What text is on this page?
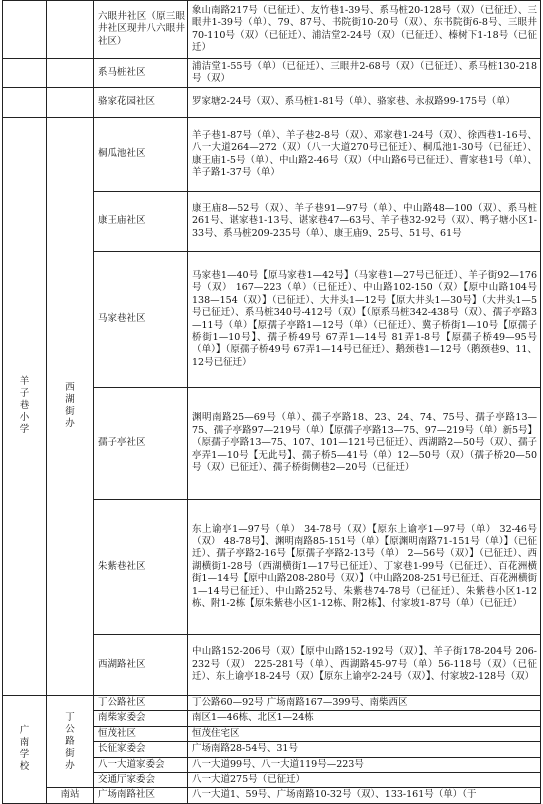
		六眼井社区（原三眼井社区现井八六眼井社区）	象山南路217号（已征迁）、友竹巷1-39号、系马桩20-128号（双）（已征迁）、三眼井1-39号（单）、79、87号、书院街10-20号（双）、东书院街6-8号、三眼井70-110号（双）（已征迁）、浦洁堂2-24号（双）（已征迁）、榛树下1-18号（已征迁）
		系马桩社区	浦洁堂1-55号（单）（已征迁）、三眼井2-68号（双）（已征迁）、系马桩130-218号（双）
		骆家花园社区	罗家塘2-24号（双）、系马桩1-81号（单）、骆家巷、永叔路99-175号（单）
羊子巷小学	西湖街办	桐瓜池社区	羊子巷1-87号（单）、羊子巷2-8号（双）、邓家巷1-24号（双）、徐西巷1-16号、八一大道264—272（双）（八一大道270号已征迁）、桐瓜池1-30号（已征迁）、康王庙1-5号（单）、中山路2-46号（双）（中山路6号已征迁）、曹家巷1号（单）、羊子路1-37号（单）
		康王庙社区	康王庙8—52号（双）、羊子巷91—97号（单）、中山路48—100（双）、系马桩261号、谌家巷1-13号、谌家巷47—63号、羊子巷32-92号（双）、鸭子塘小区1-33号、系马桩209-235号（单）、康王庙9、25号、51号、61号
		马家巷社区	马家巷1—40号【原马家巷1—42号】（马家巷1—27号已征迁）、羊子街92—176号（双） 167—223（单）（已征迁）、中山路102-150（双）【原中山路104号 138—154（双）】（已征迁）、大井头1—12号【原大井头1—30号】（大井头1—5号已征迁）、系马桩340号-412号（双）【（原系马桩342-438号（双）、孺子亭路3—11号（单）【原孺子亭路1—12号（单）（已征迁）、冀子桥街1—10号【原孺子桥街1—10号】、孺子桥49号 67弄1—14号 81弄1-8号【原孺子桥49—95号（单）】（原孺子桥49号 67弄1—14号已征迁）、鹅颈巷1—12号（鹅颈巷9、11、12号已征迁）
		孺子亭社区	渊明南路25—69号（单）、孺子亭路18、23、24、74、75号、孺子亭路13—75、孺子亭路97—219号（单）【原孺子亭路13—75、97—219号（单）新5号】（原孺子亭路13—75、107、101—121号已征迁）、西湖路2—50号（双）、孺子亭弄1—10号【无此号】、孺子桥5—41号（单）12—50号（双）（孺子桥20—50号（双）已征迁）、孺子桥街侧巷2—20号（已征迁）
		朱紫巷社区	东上谕亭1—97号（单） 34-78号（双）【原东上谕亭1—97号（单） 32-46号（双） 48-78号】、渊明南路85-151号（单）【原渊明南路71-151号（单）】（已征迁）、孺子亭路2-16号【原孺子亭路2-13号（单） 2—56号（双）】（已征迁）、西湖横街1-28号（西湖横街1—17号已征迁）、丁家巷1-99号（已征迁）、百花洲横街1—14号【原中山路208-280号（双）】（中山路208-251号已征迁、百花洲横街1—14号已征迁）、中山路252号、朱紫巷74-78号（已征迁）、朱紫巷小区1-12栋、附1-2栋【原朱紫巷小区1-12栋、附2栋】、付家坡1-87号（单）（已征迁）
		西湖路社区	中山路152-206号（双）【原中山路152-192号（双）】、羊子街178-204号 206-232号（双） 225-281号（单）、西湖路45-97号（单）56-118号（双）（已征迁）、东上谕亭18-24号（双）【原东上谕亭2-24号（双）】、付家坡2-128号（双）
广南学校	丁公路街办	丁公路社区	丁公路60—92号 广场南路167—399号、南柴西区
		南柴家委会	南区1—46栋、北区1—24栋
		恒茂社区	恒茂住宅区
		长征家委会	广场南路28-54号、31号
		八一大道家委会	八一大道99号、八一大道119号—223号
		交通厅家委会	八一大道275号（已征迁）
	南站	广场南路社区	八一大道1、59号、广场南路10-32号（双）、133-161号（单）（于
